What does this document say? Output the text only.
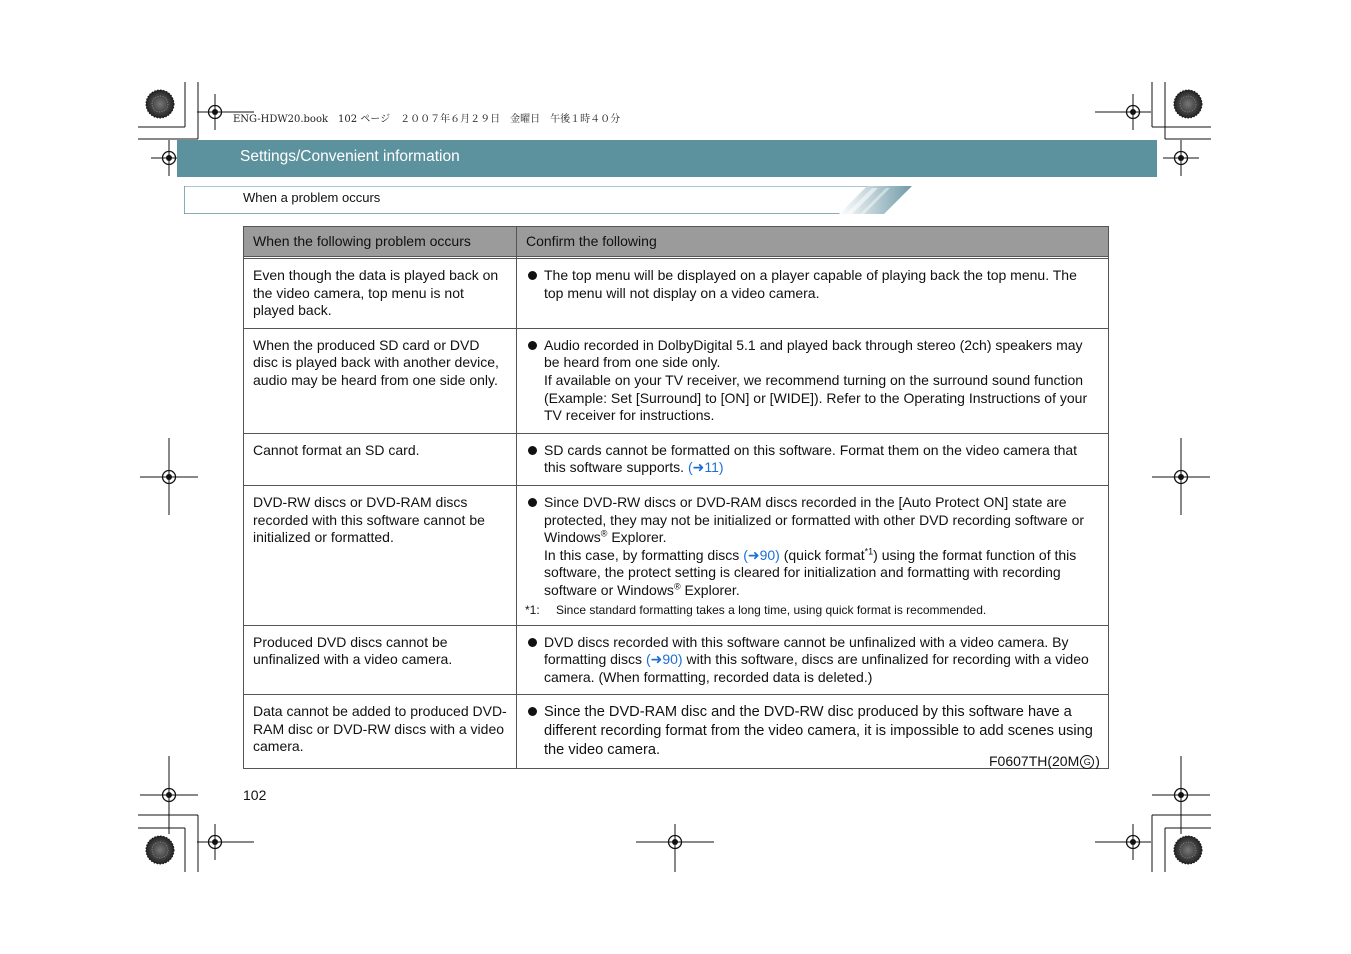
ENG-HDW20.book　102 ページ　２００７年６月２９日　金曜日　午後１時４０分
Settings/Convenient information
When a problem occurs
When the following problem occurs	Confirm the following

Even though the data is played back on the video camera, top menu is not played back.	The top menu will be displayed on a player capable of playing back the top menu. The top menu will not display on a video camera.

When the produced SD card or DVD disc is played back with another device, audio may be heard from one side only.	Audio recorded in DolbyDigital 5.1 and played back through stereo (2ch) speakers may be heard from one side only.
If available on your TV receiver, we recommend turning on the surround sound function (Example: Set [Surround] to [ON] or [WIDE]). Refer to the Operating Instructions of your TV receiver for instructions.

Cannot format an SD card.	SD cards cannot be formatted on this software. Format them on the video camera that this software supports. (➜11)

DVD-RW discs or DVD-RAM discs recorded with this software cannot be initialized or formatted.	Since DVD-RW discs or DVD-RAM discs recorded in the [Auto Protect ON] state are protected, they may not be initialized or formatted with other DVD recording software or Windows® Explorer.
In this case, by formatting discs (➜90) (quick format$^{*1}$) using the format function of this software, the protect setting is cleared for initialization and formatting with recording software or Windows® Explorer.
*1: Since standard formatting takes a long time, using quick format is recommended.

Produced DVD discs cannot be unfinalized with a video camera.	DVD discs recorded with this software cannot be unfinalized with a video camera. By formatting discs (➜90) with this software, discs are unfinalized for recording with a video camera. (When formatting, recorded data is deleted.)

Data cannot be added to produced DVD-RAM disc or DVD-RW discs with a video camera.	Since the DVD-RAM disc and the DVD-RW disc produced by this software have a different recording format from the video camera, it is impossible to add scenes using the video camera.
F0607TH(20M G )
102
